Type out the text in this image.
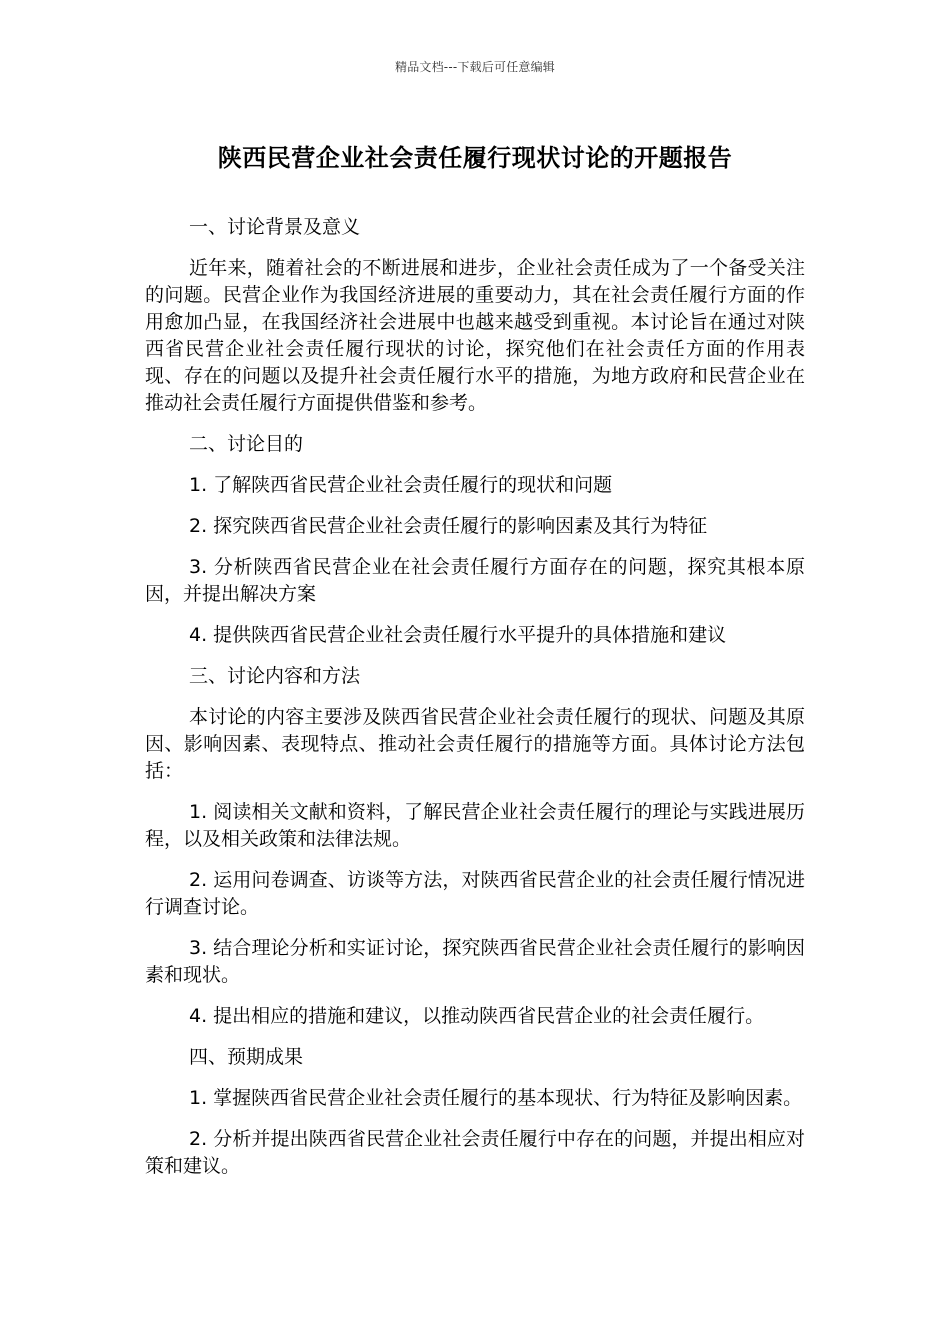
精品文档---下载后可任意编辑
陕西民营企业社会责任履行现状讨论的开题报告

一、讨论背景及意义

近年来，随着社会的不断进展和进步，企业社会责任成为了一个备受关注的问题。民营企业作为我国经济进展的重要动力，其在社会责任履行方面的作用愈加凸显，在我国经济社会进展中也越来越受到重视。本讨论旨在通过对陕西省民营企业社会责任履行现状的讨论，探究他们在社会责任方面的作用表现、存在的问题以及提升社会责任履行水平的措施，为地方政府和民营企业在推动社会责任履行方面提供借鉴和参考。

二、讨论目的

1. 了解陕西省民营企业社会责任履行的现状和问题

2. 探究陕西省民营企业社会责任履行的影响因素及其行为特征

3. 分析陕西省民营企业在社会责任履行方面存在的问题，探究其根本原因，并提出解决方案

4. 提供陕西省民营企业社会责任履行水平提升的具体措施和建议

三、讨论内容和方法

本讨论的内容主要涉及陕西省民营企业社会责任履行的现状、问题及其原因、影响因素、表现特点、推动社会责任履行的措施等方面。具体讨论方法包括：

1. 阅读相关文献和资料，了解民营企业社会责任履行的理论与实践进展历程，以及相关政策和法律法规。

2. 运用问卷调查、访谈等方法，对陕西省民营企业的社会责任履行情况进行调查讨论。

3. 结合理论分析和实证讨论，探究陕西省民营企业社会责任履行的影响因素和现状。

4. 提出相应的措施和建议，以推动陕西省民营企业的社会责任履行。

四、预期成果

1. 掌握陕西省民营企业社会责任履行的基本现状、行为特征及影响因素。

2. 分析并提出陕西省民营企业社会责任履行中存在的问题，并提出相应对策和建议。
